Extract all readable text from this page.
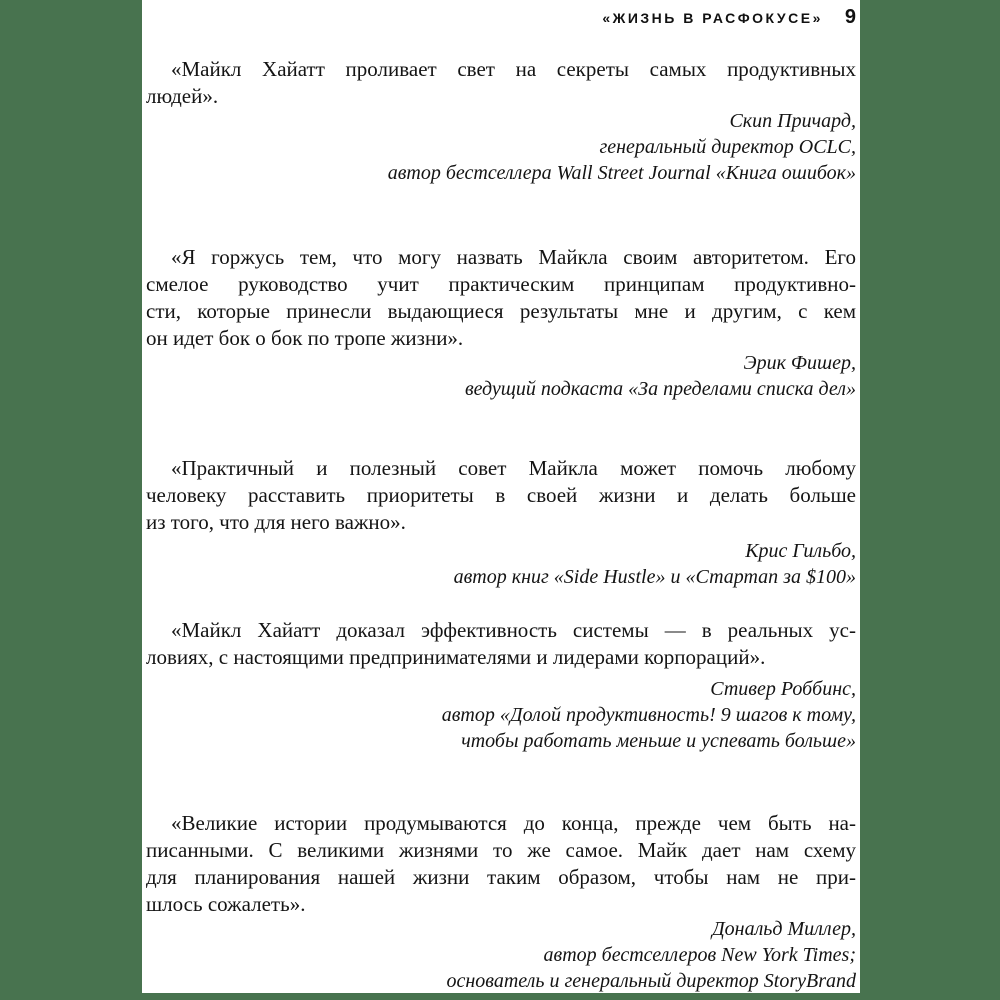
«ЖИЗНЬ В РАСФОКУСЕ» 9
«Майкл Хайатт проливает свет на секреты самых продуктивных
людей».
Скип Причард,
генеральный директор OCLC,
автор бестселлера Wall Street Journal «Книга ошибок»
«Я горжусь тем, что могу назвать Майкла своим авторитетом. Его
смелое руководство учит практическим принципам продуктивно-
сти, которые принесли выдающиеся результаты мне и другим, с кем
он идет бок о бок по тропе жизни».
Эрик Фишер,
ведущий подкаста «За пределами списка дел»
«Практичный и полезный совет Майкла может помочь любому
человеку расставить приоритеты в своей жизни и делать больше
из того, что для него важно».
Крис Гильбо,
автор книг «Side Hustle» и «Стартап за $100»
«Майкл Хайатт доказал эффективность системы — в реальных ус-
ловиях, с настоящими предпринимателями и лидерами корпораций».
Стивер Роббинс,
автор «Долой продуктивность! 9 шагов к тому,
чтобы работать меньше и успевать больше»
«Великие истории продумываются до конца, прежде чем быть на-
писанными. С великими жизнями то же самое. Майк дает нам схему
для планирования нашей жизни таким образом, чтобы нам не при-
шлось сожалеть».
Дональд Миллер,
автор бестселлеров New York Times;
основатель и генеральный директор StoryBrand
